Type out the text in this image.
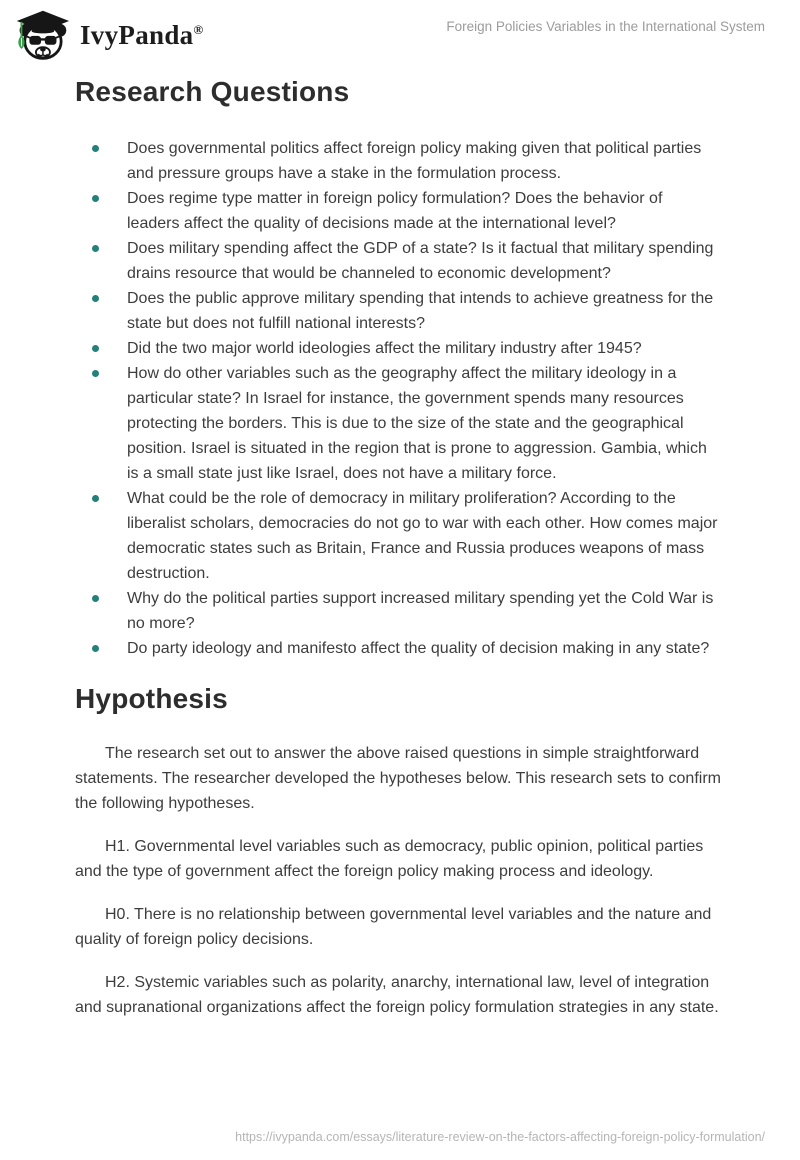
IvyPanda®	Foreign Policies Variables in the International System
Research Questions
Does governmental politics affect foreign policy making given that political parties and pressure groups have a stake in the formulation process.
Does regime type matter in foreign policy formulation? Does the behavior of leaders affect the quality of decisions made at the international level?
Does military spending affect the GDP of a state? Is it factual that military spending drains resource that would be channeled to economic development?
Does the public approve military spending that intends to achieve greatness for the state but does not fulfill national interests?
Did the two major world ideologies affect the military industry after 1945?
How do other variables such as the geography affect the military ideology in a particular state? In Israel for instance, the government spends many resources protecting the borders. This is due to the size of the state and the geographical position. Israel is situated in the region that is prone to aggression. Gambia, which is a small state just like Israel, does not have a military force.
What could be the role of democracy in military proliferation? According to the liberalist scholars, democracies do not go to war with each other. How comes major democratic states such as Britain, France and Russia produces weapons of mass destruction.
Why do the political parties support increased military spending yet the Cold War is no more?
Do party ideology and manifesto affect the quality of decision making in any state?
Hypothesis

The research set out to answer the above raised questions in simple straightforward statements. The researcher developed the hypotheses below. This research sets to confirm the following hypotheses.

H1. Governmental level variables such as democracy, public opinion, political parties and the type of government affect the foreign policy making process and ideology.

H0. There is no relationship between governmental level variables and the nature and quality of foreign policy decisions.

H2. Systemic variables such as polarity, anarchy, international law, level of integration and supranational organizations affect the foreign policy formulation strategies in any state.

https://ivypanda.com/essays/literature-review-on-the-factors-affecting-foreign-policy-formulation/
